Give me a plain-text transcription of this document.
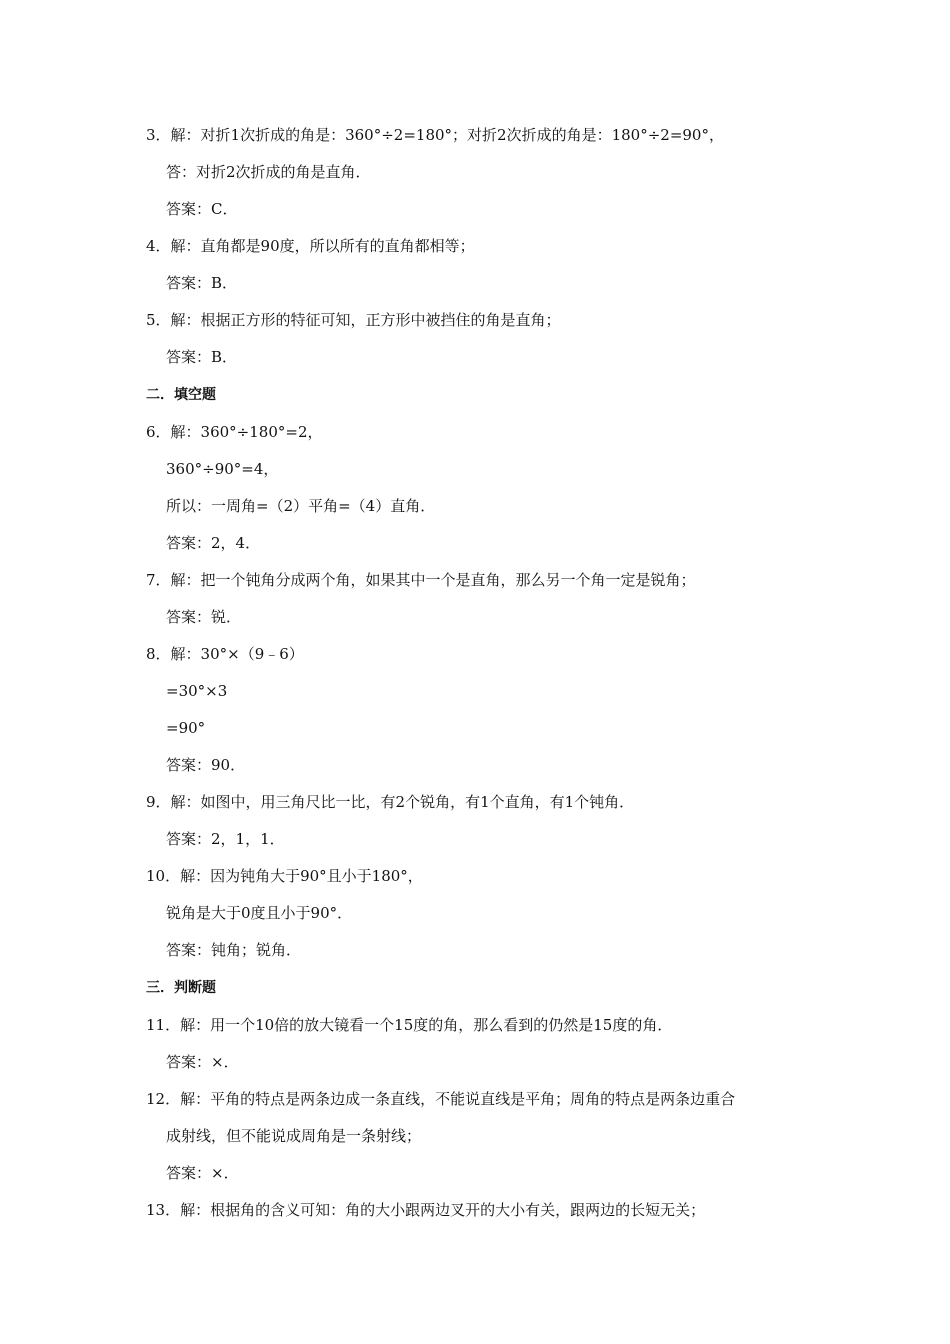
3．解：对折1次折成的角是：360°÷2=180°；对折2次折成的角是：180°÷2=90°，
答：对折2次折成的角是直角．
答案：C．
4．解：直角都是90度，所以所有的直角都相等；
答案：B．
5．解：根据正方形的特征可知，正方形中被挡住的角是直角；
答案：B．
二．填空题
6．解：360°÷180°=2，
360°÷90°=4，
所以：一周角=（2）平角=（4）直角．
答案：2，4．
7．解：把一个钝角分成两个角，如果其中一个是直角，那么另一个角一定是锐角；
答案：锐．
8．解：30°×（9﹣6）
=30°×3
=90°
答案：90．
9．解：如图中，用三角尺比一比，有2个锐角，有1个直角，有1个钝角．
答案：2，1，1．
10．解：因为钝角大于90°且小于180°，
锐角是大于0度且小于90°．
答案：钝角；锐角．
三．判断题
11．解：用一个10倍的放大镜看一个15度的角，那么看到的仍然是15度的角．
答案：×．
12．解：平角的特点是两条边成一条直线，不能说直线是平角；周角的特点是两条边重合
成射线，但不能说成周角是一条射线；
答案：×．
13．解：根据角的含义可知：角的大小跟两边叉开的大小有关，跟两边的长短无关；
